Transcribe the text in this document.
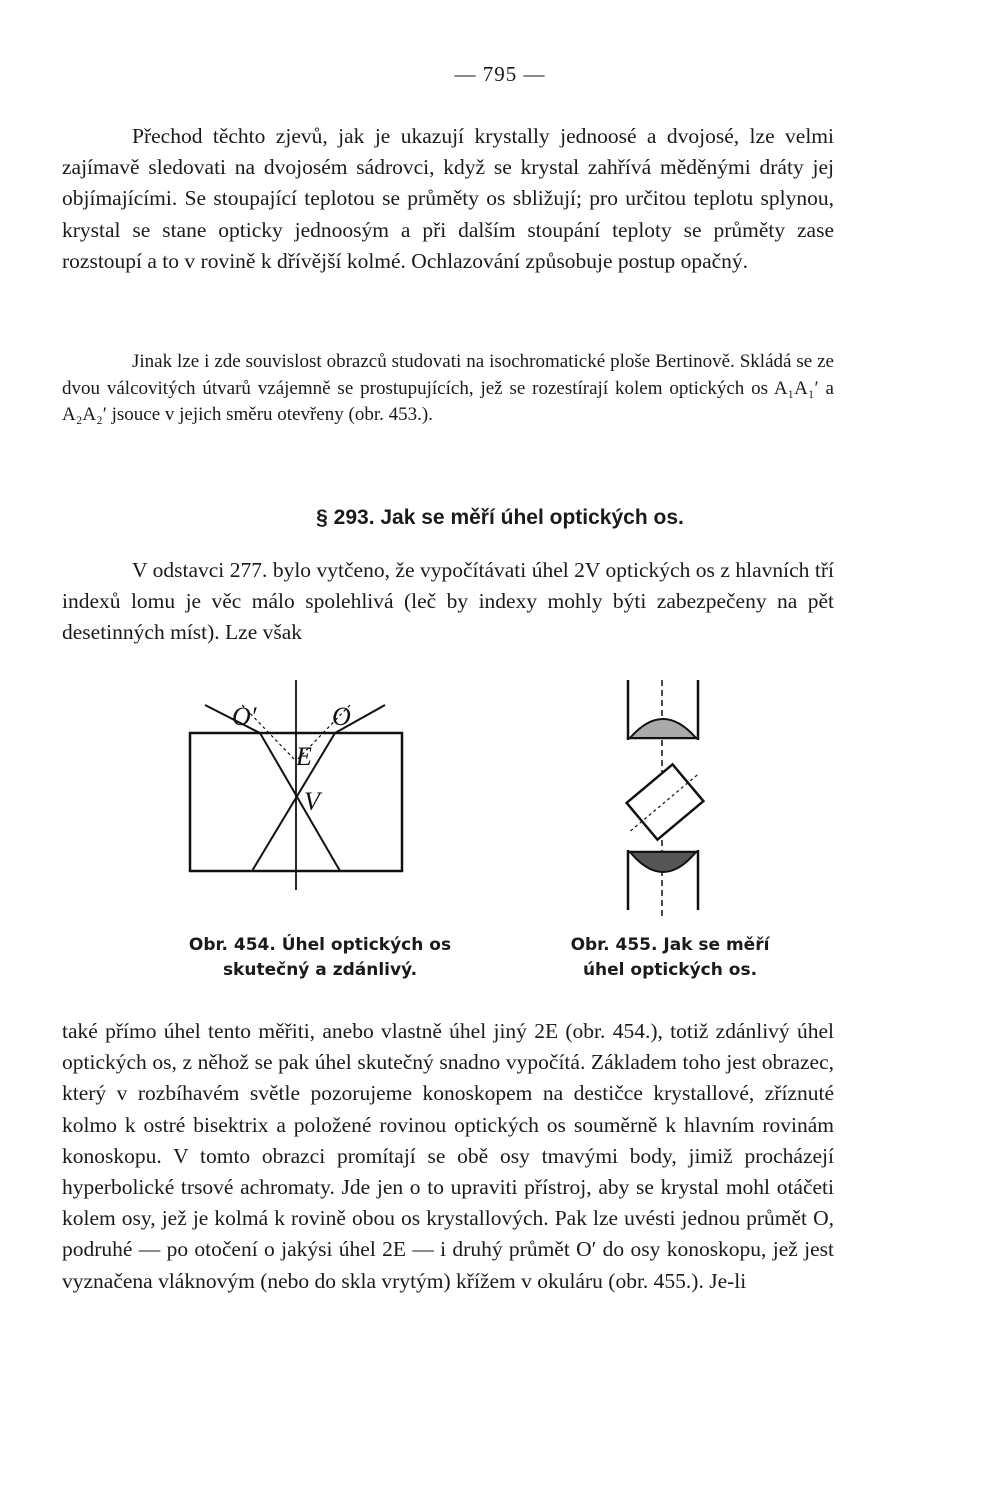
— 795 —

Přechod těchto zjevů, jak je ukazují krystally jednoosé a dvojosé, lze velmi zajímavě sledovati na dvojosém sádrovci, když se krystal zahřívá měděnými dráty jej objímajícími. Se stoupající teplotou se průměty os sbližují; pro určitou teplotu splynou, krystal se stane opticky jednoosým a při dalším stoupání teploty se průměty zase rozstoupí a to v rovině k dřívější kolmé. Ochlazování způsobuje postup opačný.

Jinak lze i zde souvislost obrazců studovati na isochromatické ploše Bertinově. Skládá se ze dvou válcovitých útvarů vzájemně se prostupujících, jež se rozestírají kolem optických os A₁A₁′ a A₂A₂′ jsouce v jejich směru otevřeny (obr. 453.).

§ 293. Jak se měří úhel optických os.

V odstavci 277. bylo vytčeno, že vypočítávati úhel 2V optických os z hlavních tří indexů lomu je věc málo spolehlivá (leč by indexy mohly býti zabezpečeny na pět desetinných míst). Lze však

O′	O
E
V
Obr. 454. Úhel optických os
skutečný a zdánlivý.
Obr. 455. Jak se měří
úhel optických os.

také přímo úhel tento měřiti, anebo vlastně úhel jiný 2E (obr. 454.), totiž zdánlivý úhel optických os, z něhož se pak úhel skutečný snadno vypočítá. Základem toho jest obrazec, který v rozbíhavém světle pozorujeme konoskopem na destičce krystallové, zříznuté kolmo k ostré bisektrix a položené rovinou optických os souměrně k hlavním rovinám konoskopu. V tomto obrazci promítají se obě osy tmavými body, jimiž procházejí hyperbolické trsové achromaty. Jde jen o to upraviti přístroj, aby se krystal mohl otáčeti kolem osy, jež je kolmá k rovině obou os krystallových. Pak lze uvésti jednou průmět O, podruhé — po otočení o jakýsi úhel 2E — i druhý průmět O′ do osy konoskopu, jež jest vyznačena vláknovým (nebo do skla vrytým) křížem v okuláru (obr. 455.). Je-li
